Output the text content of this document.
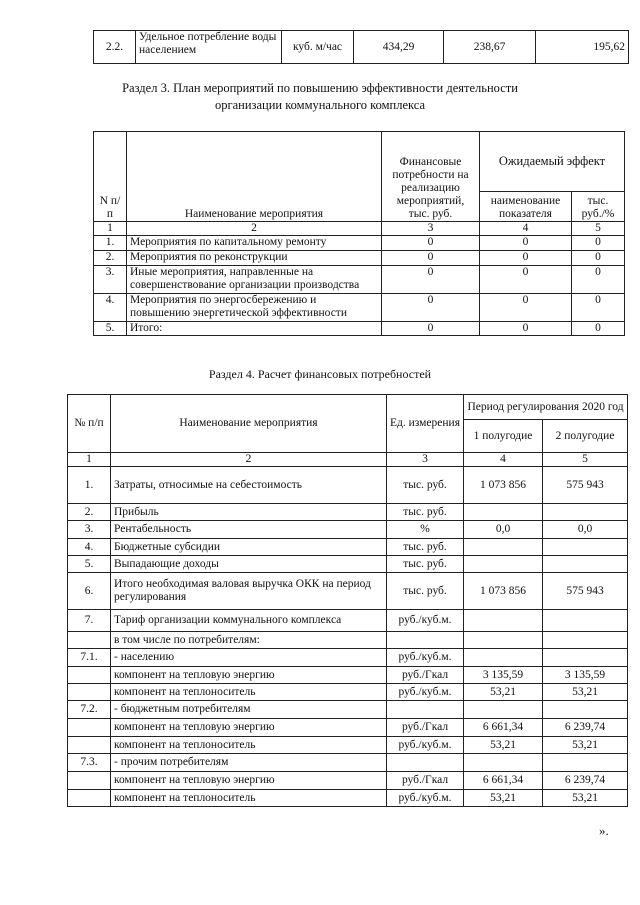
2.2.	Удельное потребление воды населением	куб. м/час	434,29	238,67	195,62
Раздел 3. План мероприятий по повышению эффективности деятельности
организации коммунального комплекса
N п/п	Наименование мероприятия	Финансовые потребности на реализацию мероприятий, тыс. руб.	Ожидаемый эффект	
			наименование показателя	тыс. руб./%
1	2	3	4	5
1.	Мероприятия по капитальному ремонту	0	0	0
2.	Мероприятия по реконструкции	0	0	0
3.	Иные мероприятия, направленные на совершенствование организации производства	0	0	0
4.	Мероприятия по энергосбережению и повышению энергетической эффективности	0	0	0
5.	Итого:	0	0	0
Раздел 4. Расчет финансовых потребностей
№ п/п	Наименование мероприятия	Ед. измерения	Период регулирования 2020 год	
			1 полугодие	2 полугодие
1	2	3	4	5
1.	Затраты, относимые на себестоимость	тыс. руб.	1 073 856	575 943
2.	Прибыль	тыс. руб.		
3.	Рентабельность	%	0,0	0,0
4.	Бюджетные субсидии	тыс. руб.		
5.	Выпадающие доходы	тыс. руб.		
6.	Итого необходимая валовая выручка ОКК на период регулирования	тыс. руб.	1 073 856	575 943
7.	Тариф организации коммунального комплекса	руб./куб.м.		
	в том числе по потребителям:			
7.1.	- населению	руб./куб.м.		
	компонент на тепловую энергию	руб./Гкал	3 135,59	3 135,59
	компонент на теплоноситель	руб./куб.м.	53,21	53,21
7.2.	- бюджетным потребителям			
	компонент на тепловую энергию	руб./Гкал	6 661,34	6 239,74
	компонент на теплоноситель	руб./куб.м.	53,21	53,21
7.3.	- прочим потребителям			
	компонент на тепловую энергию	руб./Гкал	6 661,34	6 239,74
	компонент на теплоноситель	руб./куб.м.	53,21	53,21
».
